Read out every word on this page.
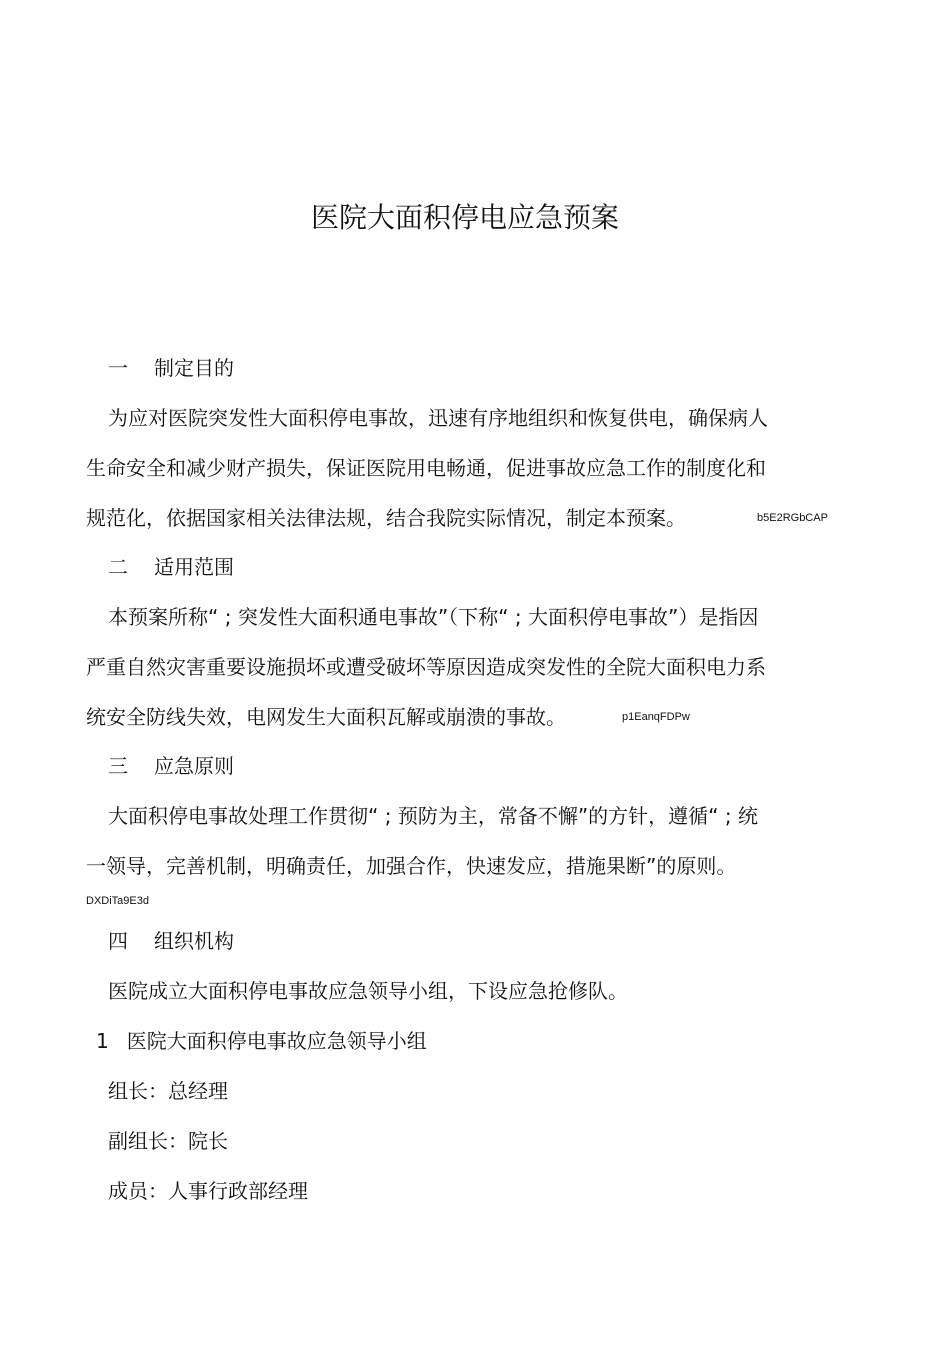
医院大面积停电应急预案
一 制定目的
为应对医院突发性大面积停电事故，迅速有序地组织和恢复供电，确保病人
生命安全和减少财产损失，保证医院用电畅通，促进事故应急工作的制度化和
规范化，依据国家相关法律法规，结合我院实际情况，制定本预案。	b5E2RGbCAP
二 适用范围
本预案所称“ ; 突发性大面积通电事故”（下称“ ; 大面积停电事故”）是指因
严重自然灾害重要设施损坏或遭受破坏等原因造成突发性的全院大面积电力系
统安全防线失效，电网发生大面积瓦解或崩溃的事故。	p1EanqFDPw
三 应急原则
大面积停电事故处理工作贯彻“ ; 预防为主，常备不懈”的方针，遵循“ ; 统
一领导，完善机制，明确责任，加强合作，快速发应，措施果断”的原则。
DXDiTa9E3d
四 组织机构
医院成立大面积停电事故应急领导小组，下设应急抢修队。
1 医院大面积停电事故应急领导小组
组长：总经理
副组长：院长
成员：人事行政部经理
